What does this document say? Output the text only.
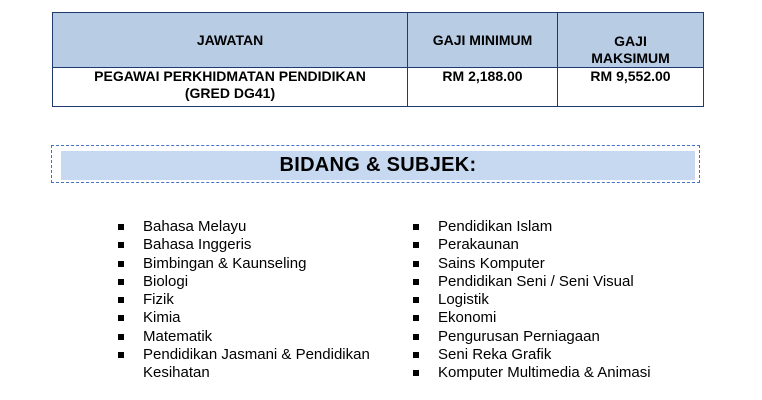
JAWATAN	GAJI MINIMUM	GAJI
MAKSIMUM
PEGAWAI PERKHIDMATAN PENDIDIKAN
(GRED DG41)	RM 2,188.00	RM 9,552.00
BIDANG & SUBJEK:
Bahasa Melayu
Bahasa Inggeris
Bimbingan & Kaunseling
Biologi
Fizik
Kimia
Matematik
Pendidikan Jasmani & Pendidikan Kesihatan
Pendidikan Islam
Perakaunan
Sains Komputer
Pendidikan Seni / Seni Visual
Logistik
Ekonomi
Pengurusan Perniagaan
Seni Reka Grafik
Komputer Multimedia & Animasi
